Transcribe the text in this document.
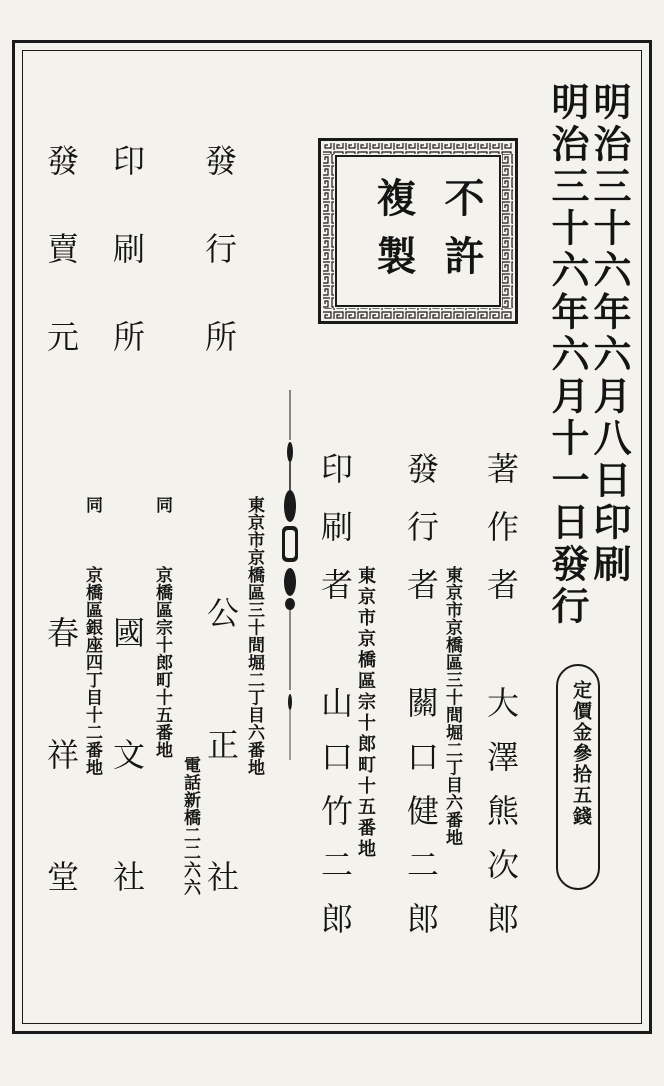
明治三十六年六月八日印刷
明治三十六年六月十一日發行
不許
複製
定價金參拾五錢
著作者
大澤熊次郎
發行者
東京市京橋區三十間堀二丁目六番地
關口健二郎
印刷者
東京市京橋區宗十郎町十五番地
山口竹二郎
發行所
印刷所
發賣元
東京市京橋區三十間堀二丁目六番地
公正社
電話新橋二二六六
同
京橋區宗十郎町十五番地
國文社
同
京橋區銀座四丁目十二番地
春祥堂
